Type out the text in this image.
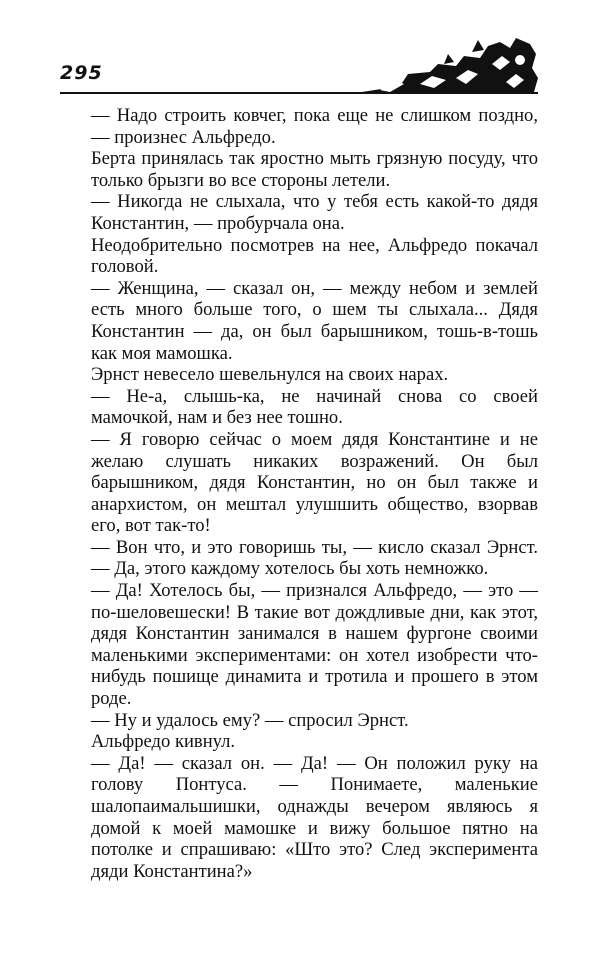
295

— Надо строить ковчег, пока еще не слишком поздно, — произнес Альфредо.

Берта принялась так яростно мыть грязную посуду, что только брызги во все стороны летели.

— Никогда не слыхала, что у тебя есть какой-то дядя Константин, — пробурчала она.

Неодобрительно посмотрев на нее, Альфредо покачал головой.

— Женщина, — сказал он, — между небом и землей есть много больше того, о шем ты слыхала... Дядя Константин — да, он был барышником, тошь-в-тошь как моя мамошка.

Эрнст невесело шевельнулся на своих нарах.

— Не-а, слышь-ка, не начинай снова со своей мамочкой, нам и без нее тошно.

— Я говорю сейчас о моем дядя Константине и не желаю слушать никаких возражений. Он был барышником, дядя Константин, но он был также и анархистом, он мештал улушшить общество, взорвав его, вот так-то!

— Вон что, и это говоришь ты, — кисло сказал Эрнст. — Да, этого каждому хотелось бы хоть немножко.

— Да! Хотелось бы, — признался Альфредо, — это — по-шеловешески! В такие вот дождливые дни, как этот, дядя Константин занимался в нашем фургоне своими маленькими экспериментами: он хотел изобрести что-нибудь пошище динамита и тротила и прошего в этом роде.

— Ну и удалось ему? — спросил Эрнст.

Альфредо кивнул.

— Да! — сказал он. — Да! — Он положил руку на голову Понтуса. — Понимаете, маленькие шалопаимальшишки, однажды вечером являюсь я домой к моей мамошке и вижу большое пятно на потолке и спрашиваю: «Што это? След эксперимента дяди Константина?»
